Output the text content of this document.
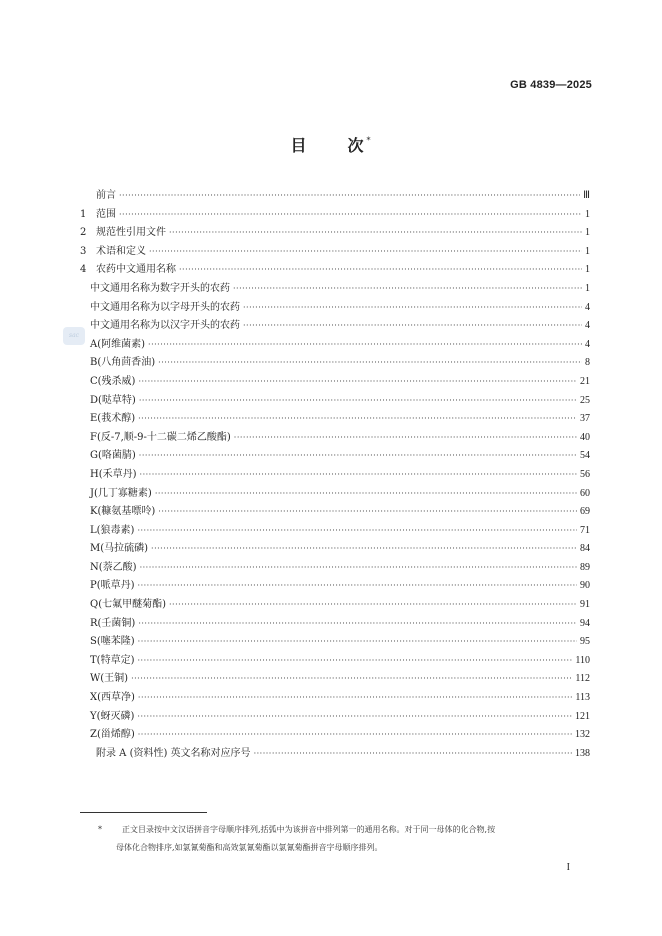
GB 4839—2025
目	次 *
sac
前言 ·····	Ⅲ
1 范围 ·····	1
2 规范性引用文件 ·····	1
3 术语和定义 ·····	1
4 农药中文通用名称 ·····	1
中文通用名称为数字开头的农药 ·····	1
中文通用名称为以字母开头的农药 ·····	4
中文通用名称为以汉字开头的农药 ·····	4
A(阿维菌素) ·····	4
B(八角茴香油) ·····	8
C(残杀威) ·····	21
D(哒草特) ·····	25
E(莪术醇) ·····	37
F(反-7,顺-9-十二碳二烯乙酸酯) ·····	40
G(咯菌腈) ·····	54
H(禾草丹) ·····	56
J(几丁寡糖素) ·····	60
K(糠氨基嘌呤) ·····	69
L(狼毒素) ·····	71
M(马拉硫磷) ·····	84
N(萘乙酸) ·····	89
P(哌草丹) ·····	90
Q(七氟甲醚菊酯) ·····	91
R(壬菌铜) ·····	94
S(噻苯隆) ·····	95
T(特草定) ·····	110
W(王铜) ·····	112
X(西草净) ·····	113
Y(蚜灭磷) ·····	121
Z(甾烯醇) ·····	132
附录 A (资料性) 英文名称对应序号 ·····	138
*	正文目录按中文汉语拼音字母顺序排列,括弧中为该拼音中排列第一的通用名称。对于同一母体的化合物,按
母体化合物排序,如氯氰菊酯和高效氯氰菊酯以氯氰菊酯拼音字母顺序排列。
I
